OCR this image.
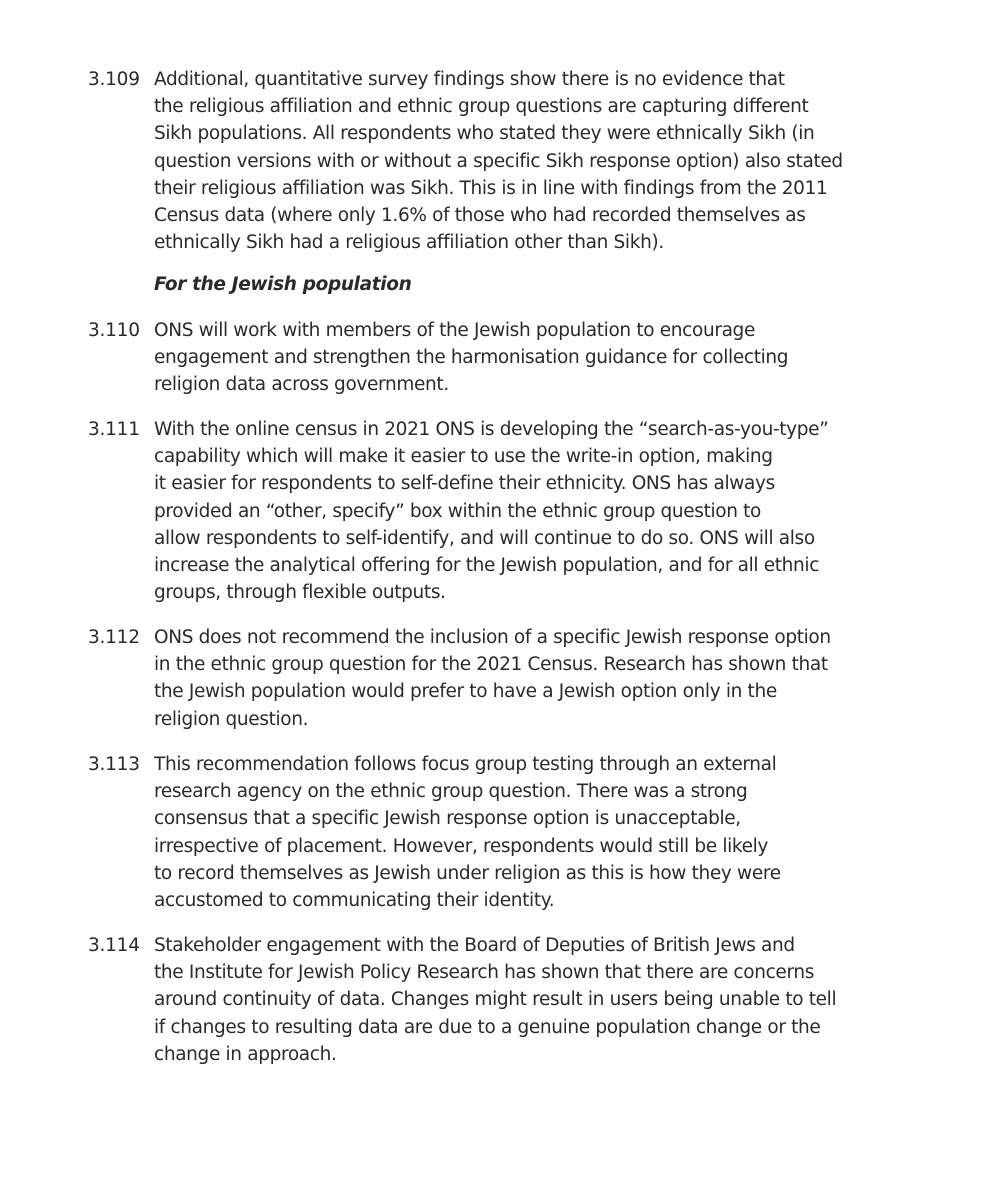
3.109 Additional, quantitative survey findings show there is no evidence that
the religious affiliation and ethnic group questions are capturing different
Sikh populations. All respondents who stated they were ethnically Sikh (in
question versions with or without a specific Sikh response option) also stated
their religious affiliation was Sikh. This is in line with findings from the 2011
Census data (where only 1.6% of those who had recorded themselves as
ethnically Sikh had a religious affiliation other than Sikh).
For the Jewish population
3.110 ONS will work with members of the Jewish population to encourage
engagement and strengthen the harmonisation guidance for collecting
religion data across government.
3.111 With the online census in 2021 ONS is developing the “search-as-you-type”
capability which will make it easier to use the write-in option, making
it easier for respondents to self-define their ethnicity. ONS has always
provided an “other, specify” box within the ethnic group question to
allow respondents to self-identify, and will continue to do so. ONS will also
increase the analytical offering for the Jewish population, and for all ethnic
groups, through flexible outputs.
3.112 ONS does not recommend the inclusion of a specific Jewish response option
in the ethnic group question for the 2021 Census. Research has shown that
the Jewish population would prefer to have a Jewish option only in the
religion question.
3.113 This recommendation follows focus group testing through an external
research agency on the ethnic group question. There was a strong
consensus that a specific Jewish response option is unacceptable,
irrespective of placement. However, respondents would still be likely
to record themselves as Jewish under religion as this is how they were
accustomed to communicating their identity.
3.114 Stakeholder engagement with the Board of Deputies of British Jews and
the Institute for Jewish Policy Research has shown that there are concerns
around continuity of data. Changes might result in users being unable to tell
if changes to resulting data are due to a genuine population change or the
change in approach.
